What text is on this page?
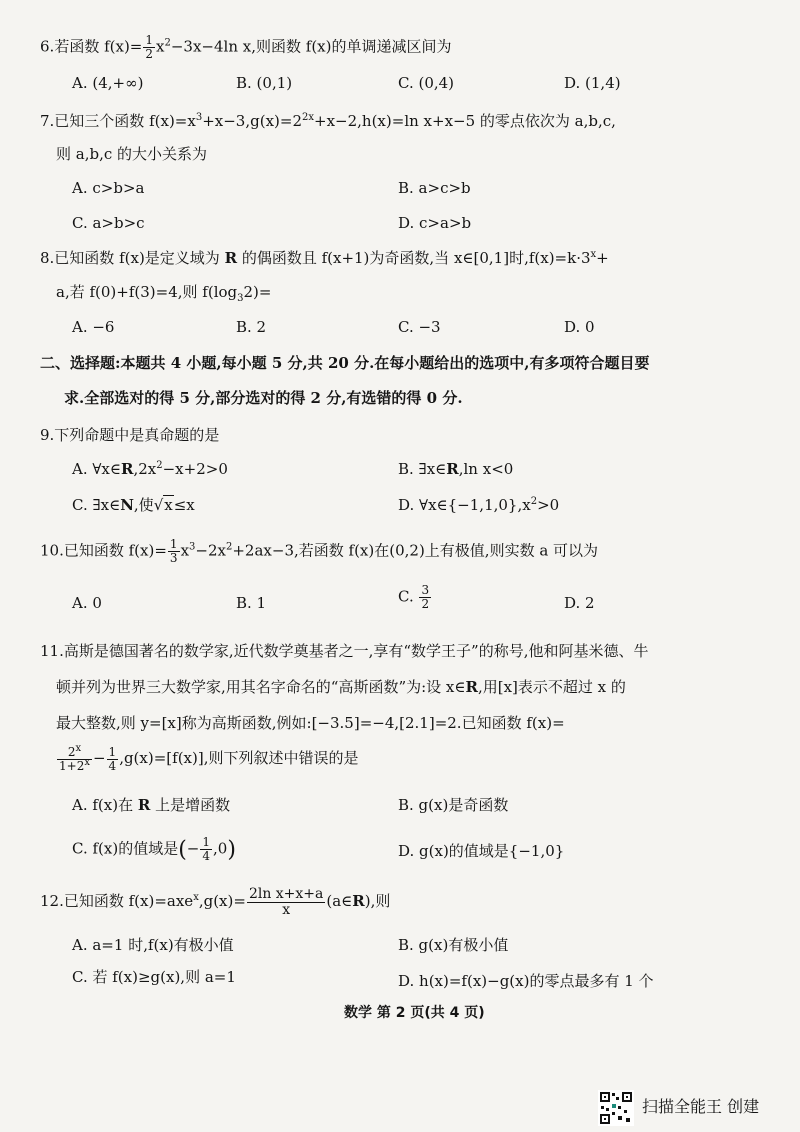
6.若函数 $f(x)= \frac{1}{2} x^2-3x-4\ln$ x,则函数 f(x)的单调递减区间为
A. (4,+∞)	B. (0,1)	C. (0,4)	D. (1,4)
7.已知三个函数 $f(x)=x^3+x-3,g(x)=2^{2x}+x-2,h(x)=\ln$ x+x−5 的零点依次为 a,b,c,
则 a,b,c 的大小关系为
A. c>b>a	B. a>c>b
C. a>b>c	D. c>a>b
8.已知函数 f(x)是定义域为 R 的偶函数且 f(x+1)为奇函数,当 x∈[0,1]时$,f(x)=k\cdot 3^x+$
a,若 f(0)+f(3)=4,则 $f(\log_32)=$
A. −6	B. 2	C. −3	D. 0
二、选择题:本题共 4 小题,每小题 5 分,共 20 分.在每小题给出的选项中,有多项符合题目要
求.全部选对的得 5 分,部分选对的得 2 分,有选错的得 0 分.
9.下列命题中是真命题的是
A. $\forall x\in R,2x^2-x+2>0$	B. ∃x∈R,ln x<0
C. ∃x∈N,使√x≤x	D. $\forall x\in\{-1,1,0\},x^2>0$
10.已知函数 $f(x)= \frac{1}{3} x^3-2x^2+2ax-3$,若函数 f(x)在(0,2)上有极值,则实数 a 可以为
A. 0	B. 1	C. $\frac{3}{2}$	D. 2
11.高斯是德国著名的数学家,近代数学奠基者之一,享有“数学王子”的称号,他和阿基米德、牛
顿并列为世界三大数学家,用其名字命名的“高斯函数”为:设 x∈R,用[x]表示不超过 x 的
最大整数,则 y=[x]称为高斯函数,例如:[−3.5]=−4,[2.1]=2.已知函数 f(x)=
$\frac{2^x}{1+2^x} - \frac{1}{4} ,g(x)=[f(x)]$,则下列叙述中错误的是
A. f(x)在 R 上是增函数	B. g(x)是奇函数
C. f(x)的值域是(− $\frac{1}{4} ,0$)	D. g(x)的值域是{−1,0}
12.已知函数 $f(x)=axe^x,g(x)= \frac{\text{2ln x+x+a}}{x}$ (a∈R),则
A. a=1 时,f(x)有极小值	B. g(x)有极小值
C. 若 f(x)≥g(x),则 a=1	D. h(x)=f(x)−g(x)的零点最多有 1 个
数学 第 2 页(共 4 页)
扫描全能王 创建
